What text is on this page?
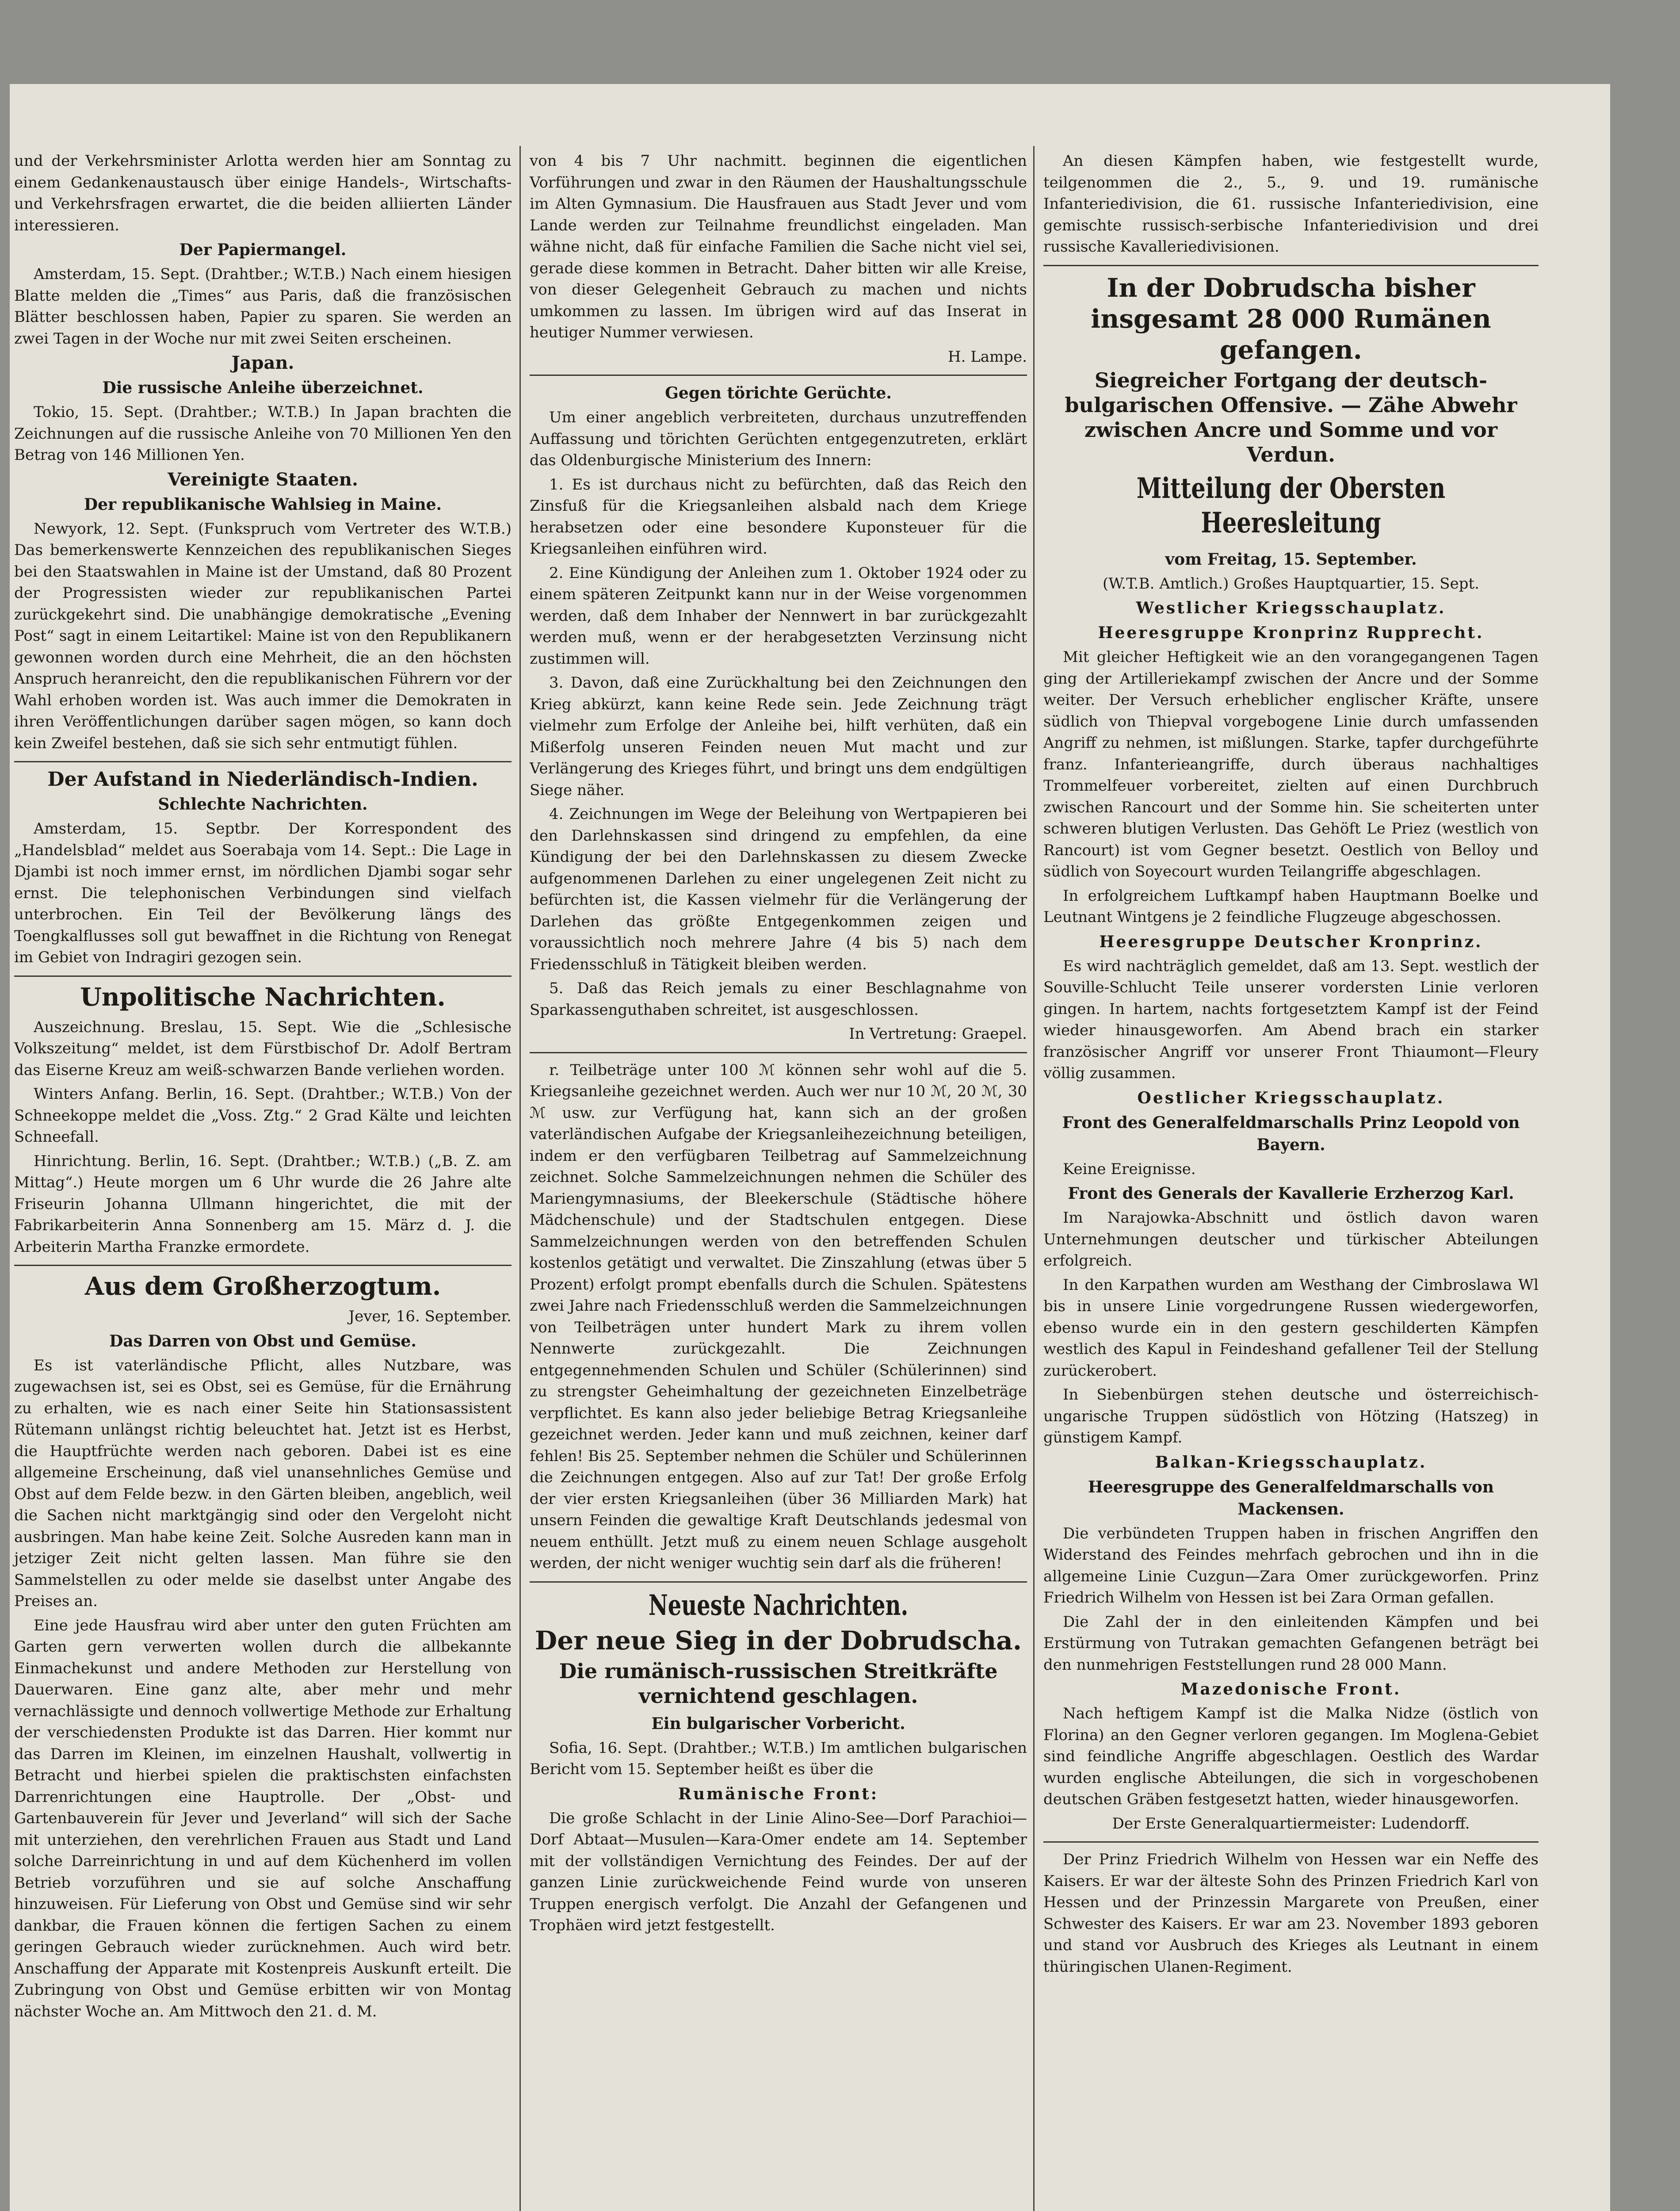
und der Verkehrsminister Arlotta werden hier am Sonntag zu einem Gedankenaustausch über einige Handels-, Wirtschafts- und Verkehrsfragen erwartet, die die beiden alliierten Länder interessieren.

Der Papiermangel.

Amsterdam, 15. Sept. (Drahtber.; W.T.B.) Nach einem hiesigen Blatte melden die „Times“ aus Paris, daß die französischen Blätter beschlossen haben, Papier zu sparen. Sie werden an zwei Tagen in der Woche nur mit zwei Seiten erscheinen.

Japan.
Die russische Anleihe überzeichnet.

Tokio, 15. Sept. (Drahtber.; W.T.B.) In Japan brachten die Zeichnungen auf die russische Anleihe von 70 Millionen Yen den Betrag von 146 Millionen Yen.

Vereinigte Staaten.
Der republikanische Wahlsieg in Maine.

Newyork, 12. Sept. (Funkspruch vom Vertreter des W.T.B.) Das bemerkenswerte Kennzeichen des republikanischen Sieges bei den Staatswahlen in Maine ist der Umstand, daß 80 Prozent der Progressisten wieder zur republikanischen Partei zurückgekehrt sind. Die unabhängige demokratische „Evening Post“ sagt in einem Leitartikel: Maine ist von den Republikanern gewonnen worden durch eine Mehrheit, die an den höchsten Anspruch heranreicht, den die republikanischen Führern vor der Wahl erhoben worden ist. Was auch immer die Demokraten in ihren Veröffentlichungen darüber sagen mögen, so kann doch kein Zweifel bestehen, daß sie sich sehr entmutigt fühlen.

Der Aufstand in Niederländisch-Indien.
Schlechte Nachrichten.

Amsterdam, 15. Septbr. Der Korrespondent des „Handelsblad“ meldet aus Soerabaja vom 14. Sept.: Die Lage in Djambi ist noch immer ernst, im nördlichen Djambi sogar sehr ernst. Die telephonischen Verbindungen sind vielfach unterbrochen. Ein Teil der Bevölkerung längs des Toengkalflusses soll gut bewaffnet in die Richtung von Renegat im Gebiet von Indragiri gezogen sein.

Unpolitische Nachrichten.

Auszeichnung. Breslau, 15. Sept. Wie die „Schlesische Volkszeitung“ meldet, ist dem Fürstbischof Dr. Adolf Bertram das Eiserne Kreuz am weiß-schwarzen Bande verliehen worden.

Winters Anfang. Berlin, 16. Sept. (Drahtber.; W.T.B.) Von der Schneekoppe meldet die „Voss. Ztg.“ 2 Grad Kälte und leichten Schneefall.

Hinrichtung. Berlin, 16. Sept. (Drahtber.; W.T.B.) („B. Z. am Mittag“.) Heute morgen um 6 Uhr wurde die 26 Jahre alte Friseurin Johanna Ullmann hingerichtet, die mit der Fabrikarbeiterin Anna Sonnenberg am 15. März d. J. die Arbeiterin Martha Franzke ermordete.

Aus dem Großherzogtum.

Jever, 16. September.

Das Darren von Obst und Gemüse.

Es ist vaterländische Pflicht, alles Nutzbare, was zugewachsen ist, sei es Obst, sei es Gemüse, für die Ernährung zu erhalten, wie es nach einer Seite hin Stationsassistent Rütemann unlängst richtig beleuchtet hat. Jetzt ist es Herbst, die Hauptfrüchte werden nach geboren. Dabei ist es eine allgemeine Erscheinung, daß viel unansehnliches Gemüse und Obst auf dem Felde bezw. in den Gärten bleiben, angeblich, weil die Sachen nicht marktgängig sind oder den Vergeloht nicht ausbringen. Man habe keine Zeit. Solche Ausreden kann man in jetziger Zeit nicht gelten lassen. Man führe sie den Sammelstellen zu oder melde sie daselbst unter Angabe des Preises an.

Eine jede Hausfrau wird aber unter den guten Früchten am Garten gern verwerten wollen durch die allbekannte Einmachekunst und andere Methoden zur Herstellung von Dauerwaren. Eine ganz alte, aber mehr und mehr vernachlässigte und dennoch vollwertige Methode zur Erhaltung der verschiedensten Produkte ist das Darren. Hier kommt nur das Darren im Kleinen, im einzelnen Haushalt, vollwertig in Betracht und hierbei spielen die praktischsten einfachsten Darrenrichtungen eine Hauptrolle. Der „Obst- und Gartenbauverein für Jever und Jeverland“ will sich der Sache mit unterziehen, den verehrlichen Frauen aus Stadt und Land solche Darreinrichtung in und auf dem Küchenherd im vollen Betrieb vorzuführen und sie auf solche Anschaffung hinzuweisen. Für Lieferung von Obst und Gemüse sind wir sehr dankbar, die Frauen können die fertigen Sachen zu einem geringen Gebrauch wieder zurücknehmen. Auch wird betr. Anschaffung der Apparate mit Kostenpreis Auskunft erteilt. Die Zubringung von Obst und Gemüse erbitten wir von Montag nächster Woche an. Am Mittwoch den 21. d. M.

von 4 bis 7 Uhr nachmitt. beginnen die eigentlichen Vorführungen und zwar in den Räumen der Haushaltungsschule im Alten Gymnasium. Die Hausfrauen aus Stadt Jever und vom Lande werden zur Teilnahme freundlichst eingeladen. Man wähne nicht, daß für einfache Familien die Sache nicht viel sei, gerade diese kommen in Betracht. Daher bitten wir alle Kreise, von dieser Gelegenheit Gebrauch zu machen und nichts umkommen zu lassen. Im übrigen wird auf das Inserat in heutiger Nummer verwiesen.

H. Lampe.

Gegen törichte Gerüchte.

Um einer angeblich verbreiteten, durchaus unzutreffenden Auffassung und törichten Gerüchten entgegenzutreten, erklärt das Oldenburgische Ministerium des Innern:

1. Es ist durchaus nicht zu befürchten, daß das Reich den Zinsfuß für die Kriegsanleihen alsbald nach dem Kriege herabsetzen oder eine besondere Kuponsteuer für die Kriegsanleihen einführen wird.

2. Eine Kündigung der Anleihen zum 1. Oktober 1924 oder zu einem späteren Zeitpunkt kann nur in der Weise vorgenommen werden, daß dem Inhaber der Nennwert in bar zurückgezahlt werden muß, wenn er der herabgesetzten Verzinsung nicht zustimmen will.

3. Davon, daß eine Zurückhaltung bei den Zeichnungen den Krieg abkürzt, kann keine Rede sein. Jede Zeichnung trägt vielmehr zum Erfolge der Anleihe bei, hilft verhüten, daß ein Mißerfolg unseren Feinden neuen Mut macht und zur Verlängerung des Krieges führt, und bringt uns dem endgültigen Siege näher.

4. Zeichnungen im Wege der Beleihung von Wertpapieren bei den Darlehnskassen sind dringend zu empfehlen, da eine Kündigung der bei den Darlehnskassen zu diesem Zwecke aufgenommenen Darlehen zu einer ungelegenen Zeit nicht zu befürchten ist, die Kassen vielmehr für die Verlängerung der Darlehen das größte Entgegenkommen zeigen und voraussichtlich noch mehrere Jahre (4 bis 5) nach dem Friedensschluß in Tätigkeit bleiben werden.

5. Daß das Reich jemals zu einer Beschlagnahme von Sparkassenguthaben schreitet, ist ausgeschlossen.

In Vertretung: Graepel.

r. Teilbeträge unter 100 ℳ können sehr wohl auf die 5. Kriegsanleihe gezeichnet werden. Auch wer nur 10 ℳ, 20 ℳ, 30 ℳ usw. zur Verfügung hat, kann sich an der großen vaterländischen Aufgabe der Kriegsanleihezeichnung beteiligen, indem er den verfügbaren Teilbetrag auf Sammelzeichnung zeichnet. Solche Sammelzeichnungen nehmen die Schüler des Mariengymnasiums, der Bleekerschule (Städtische höhere Mädchenschule) und der Stadtschulen entgegen. Diese Sammelzeichnungen werden von den betreffenden Schulen kostenlos getätigt und verwaltet. Die Zinszahlung (etwas über 5 Prozent) erfolgt prompt ebenfalls durch die Schulen. Spätestens zwei Jahre nach Friedensschluß werden die Sammelzeichnungen von Teilbeträgen unter hundert Mark zu ihrem vollen Nennwerte zurückgezahlt. Die Zeichnungen entgegennehmenden Schulen und Schüler (Schülerinnen) sind zu strengster Geheimhaltung der gezeichneten Einzelbeträge verpflichtet. Es kann also jeder beliebige Betrag Kriegsanleihe gezeichnet werden. Jeder kann und muß zeichnen, keiner darf fehlen! Bis 25. September nehmen die Schüler und Schülerinnen die Zeichnungen entgegen. Also auf zur Tat! Der große Erfolg der vier ersten Kriegsanleihen (über 36 Milliarden Mark) hat unsern Feinden die gewaltige Kraft Deutschlands jedesmal von neuem enthüllt. Jetzt muß zu einem neuen Schlage ausgeholt werden, der nicht weniger wuchtig sein darf als die früheren!

Neueste Nachrichten.
Der neue Sieg in der Dobrudscha.
Die rumänisch-russischen Streitkräfte vernichtend geschlagen.
Ein bulgarischer Vorbericht.

Sofia, 16. Sept. (Drahtber.; W.T.B.) Im amtlichen bulgarischen Bericht vom 15. September heißt es über die

Rumänische Front:

Die große Schlacht in der Linie Alino-See—Dorf Parachioi—Dorf Abtaat—Musulen—Kara-Omer endete am 14. September mit der vollständigen Vernichtung des Feindes. Der auf der ganzen Linie zurückweichende Feind wurde von unseren Truppen energisch verfolgt. Die Anzahl der Gefangenen und Trophäen wird jetzt festgestellt.

An diesen Kämpfen haben, wie festgestellt wurde, teilgenommen die 2., 5., 9. und 19. rumänische Infanteriedivision, die 61. russische Infanteriedivision, eine gemischte russisch-serbische Infanteriedivision und drei russische Kavalleriedivisionen.

In der Dobrudscha bisher insgesamt 28 000 Rumänen gefangen.
Siegreicher Fortgang der deutsch-bulgarischen Offensive. — Zähe Abwehr zwischen Ancre und Somme und vor Verdun.
Mitteilung der Obersten Heeresleitung
vom Freitag, 15. September.

(W.T.B. Amtlich.) Großes Hauptquartier, 15. Sept.

Westlicher Kriegsschauplatz.
Heeresgruppe Kronprinz Rupprecht.

Mit gleicher Heftigkeit wie an den vorangegangenen Tagen ging der Artilleriekampf zwischen der Ancre und der Somme weiter. Der Versuch erheblicher englischer Kräfte, unsere südlich von Thiepval vorgebogene Linie durch umfassenden Angriff zu nehmen, ist mißlungen. Starke, tapfer durchgeführte franz. Infanterieangriffe, durch überaus nachhaltiges Trommelfeuer vorbereitet, zielten auf einen Durchbruch zwischen Rancourt und der Somme hin. Sie scheiterten unter schweren blutigen Verlusten. Das Gehöft Le Priez (westlich von Rancourt) ist vom Gegner besetzt. Oestlich von Belloy und südlich von Soyecourt wurden Teilangriffe abgeschlagen.

In erfolgreichem Luftkampf haben Hauptmann Boelke und Leutnant Wintgens je 2 feindliche Flugzeuge abgeschossen.

Heeresgruppe Deutscher Kronprinz.

Es wird nachträglich gemeldet, daß am 13. Sept. westlich der Souville-Schlucht Teile unserer vordersten Linie verloren gingen. In hartem, nachts fortgesetztem Kampf ist der Feind wieder hinausgeworfen. Am Abend brach ein starker französischer Angriff vor unserer Front Thiaumont—Fleury völlig zusammen.

Oestlicher Kriegsschauplatz.
Front des Generalfeldmarschalls Prinz Leopold von Bayern.

Keine Ereignisse.

Front des Generals der Kavallerie Erzherzog Karl.

Im Narajowka-Abschnitt und östlich davon waren Unternehmungen deutscher und türkischer Abteilungen erfolgreich.

In den Karpathen wurden am Westhang der Cimbroslawa Wl bis in unsere Linie vorgedrungene Russen wiedergeworfen, ebenso wurde ein in den gestern geschilderten Kämpfen westlich des Kapul in Feindeshand gefallener Teil der Stellung zurückerobert.

In Siebenbürgen stehen deutsche und österreichisch-ungarische Truppen südöstlich von Hötzing (Hatszeg) in günstigem Kampf.

Balkan-Kriegsschauplatz.
Heeresgruppe des Generalfeldmarschalls von Mackensen.

Die verbündeten Truppen haben in frischen Angriffen den Widerstand des Feindes mehrfach gebrochen und ihn in die allgemeine Linie Cuzgun—Zara Omer zurückgeworfen. Prinz Friedrich Wilhelm von Hessen ist bei Zara Orman gefallen.

Die Zahl der in den einleitenden Kämpfen und bei Erstürmung von Tutrakan gemachten Gefangenen beträgt bei den nunmehrigen Feststellungen rund 28 000 Mann.

Mazedonische Front.

Nach heftigem Kampf ist die Malka Nidze (östlich von Florina) an den Gegner verloren gegangen. Im Moglena-Gebiet sind feindliche Angriffe abgeschlagen. Oestlich des Wardar wurden englische Abteilungen, die sich in vorgeschobenen deutschen Gräben festgesetzt hatten, wieder hinausgeworfen.

Der Erste Generalquartiermeister: Ludendorff.

Der Prinz Friedrich Wilhelm von Hessen war ein Neffe des Kaisers. Er war der älteste Sohn des Prinzen Friedrich Karl von Hessen und der Prinzessin Margarete von Preußen, einer Schwester des Kaisers. Er war am 23. November 1893 geboren und stand vor Ausbruch des Krieges als Leutnant in einem thüringischen Ulanen-Regiment.
